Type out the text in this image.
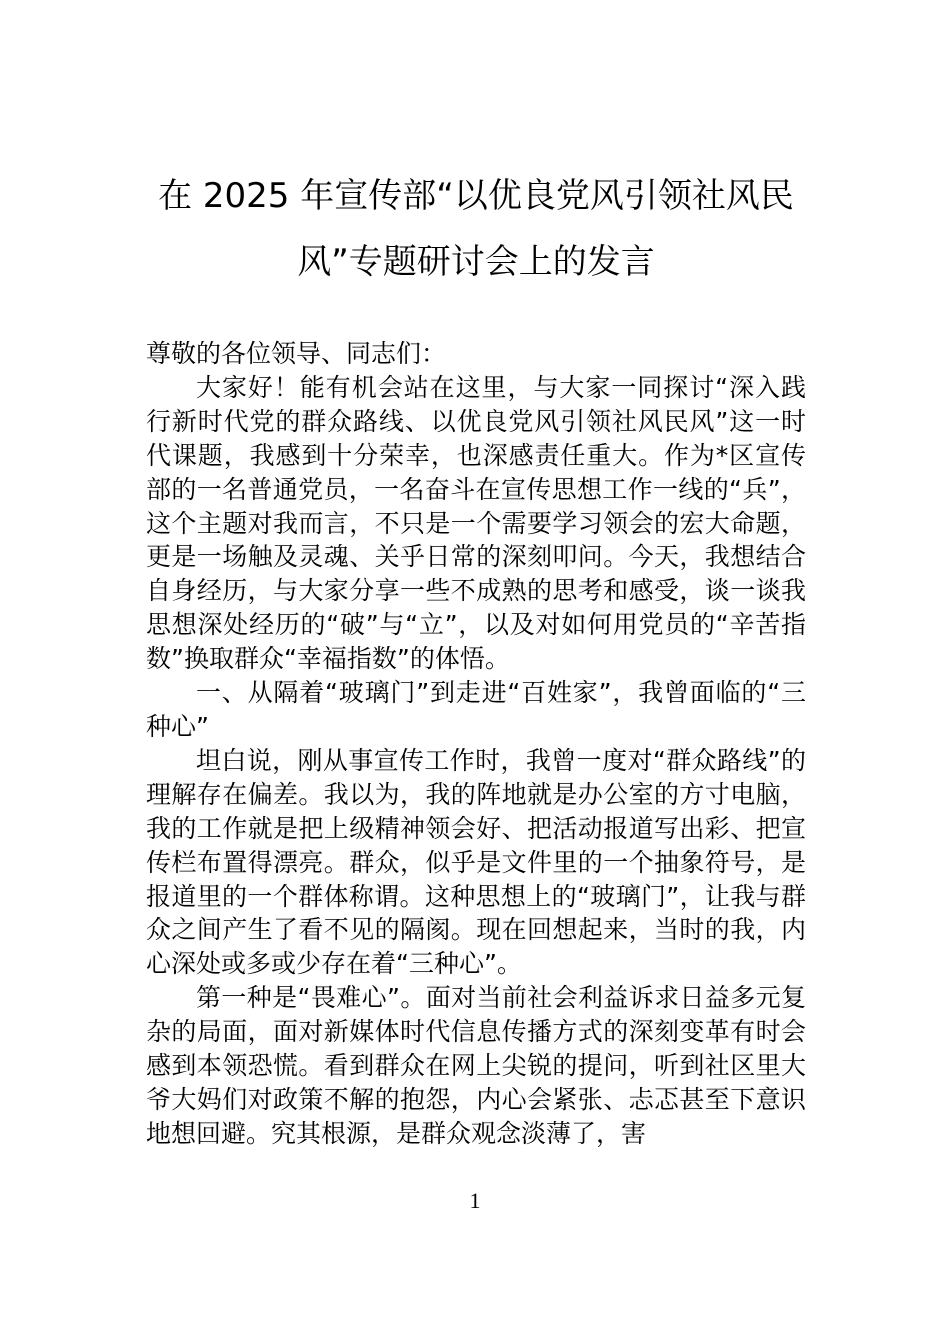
在 2025 年宣传部“以优良党风引领社风民
风”专题研讨会上的发言

尊敬的各位领导、同志们：

大家好！能有机会站在这里，与大家一同探讨“深入践行新时代党的群众路线、以优良党风引领社风民风”这一时代课题，我感到十分荣幸，也深感责任重大。作为*区宣传部的一名普通党员，一名奋斗在宣传思想工作一线的“兵”，这个主题对我而言，不只是一个需要学习领会的宏大命题，更是一场触及灵魂、关乎日常的深刻叩问。今天，我想结合自身经历，与大家分享一些不成熟的思考和感受，谈一谈我思想深处经历的“破”与“立”，以及对如何用党员的“辛苦指数”换取群众“幸福指数”的体悟。

一、从隔着“玻璃门”到走进“百姓家”，我曾面临的“三种心”

坦白说，刚从事宣传工作时，我曾一度对“群众路线”的理解存在偏差。我以为，我的阵地就是办公室的方寸电脑，我的工作就是把上级精神领会好、把活动报道写出彩、把宣传栏布置得漂亮。群众，似乎是文件里的一个抽象符号，是报道里的一个群体称谓。这种思想上的“玻璃门”，让我与群众之间产生了看不见的隔阂。现在回想起来，当时的我，内心深处或多或少存在着“三种心”。

第一种是“畏难心”。面对当前社会利益诉求日益多元复杂的局面，面对新媒体时代信息传播方式的深刻变革有时会感到本领恐慌。看到群众在网上尖锐的提问，听到社区里大爷大妈们对政策不解的抱怨，内心会紧张、忐忑甚至下意识地想回避。究其根源，是群众观念淡薄了，害

1
